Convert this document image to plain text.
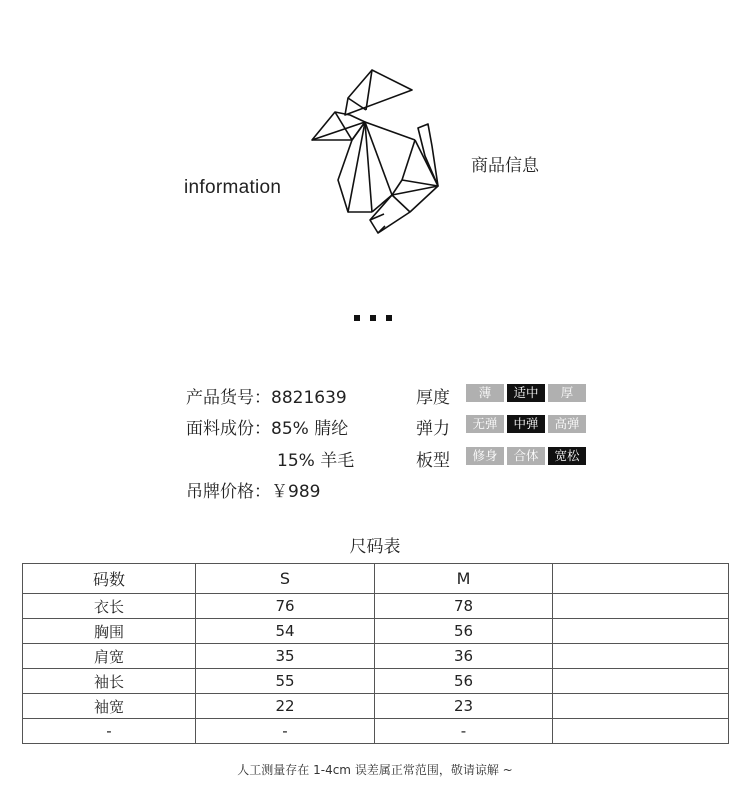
information
商品信息
产品货号：8821639
面料成份：85% 腈纶
15% 羊毛
吊牌价格：￥989
厚度	薄	适中	厚
弹力	无弹	中弹	高弹
板型	修身	合体	宽松
尺码表
码数	S	M	
衣长	76	78	
胸围	54	56	
肩宽	35	36	
袖长	55	56	
袖宽	22	23	
-	-	-	
人工测量存在 1-4cm 误差属正常范围，敬请谅解 ~
